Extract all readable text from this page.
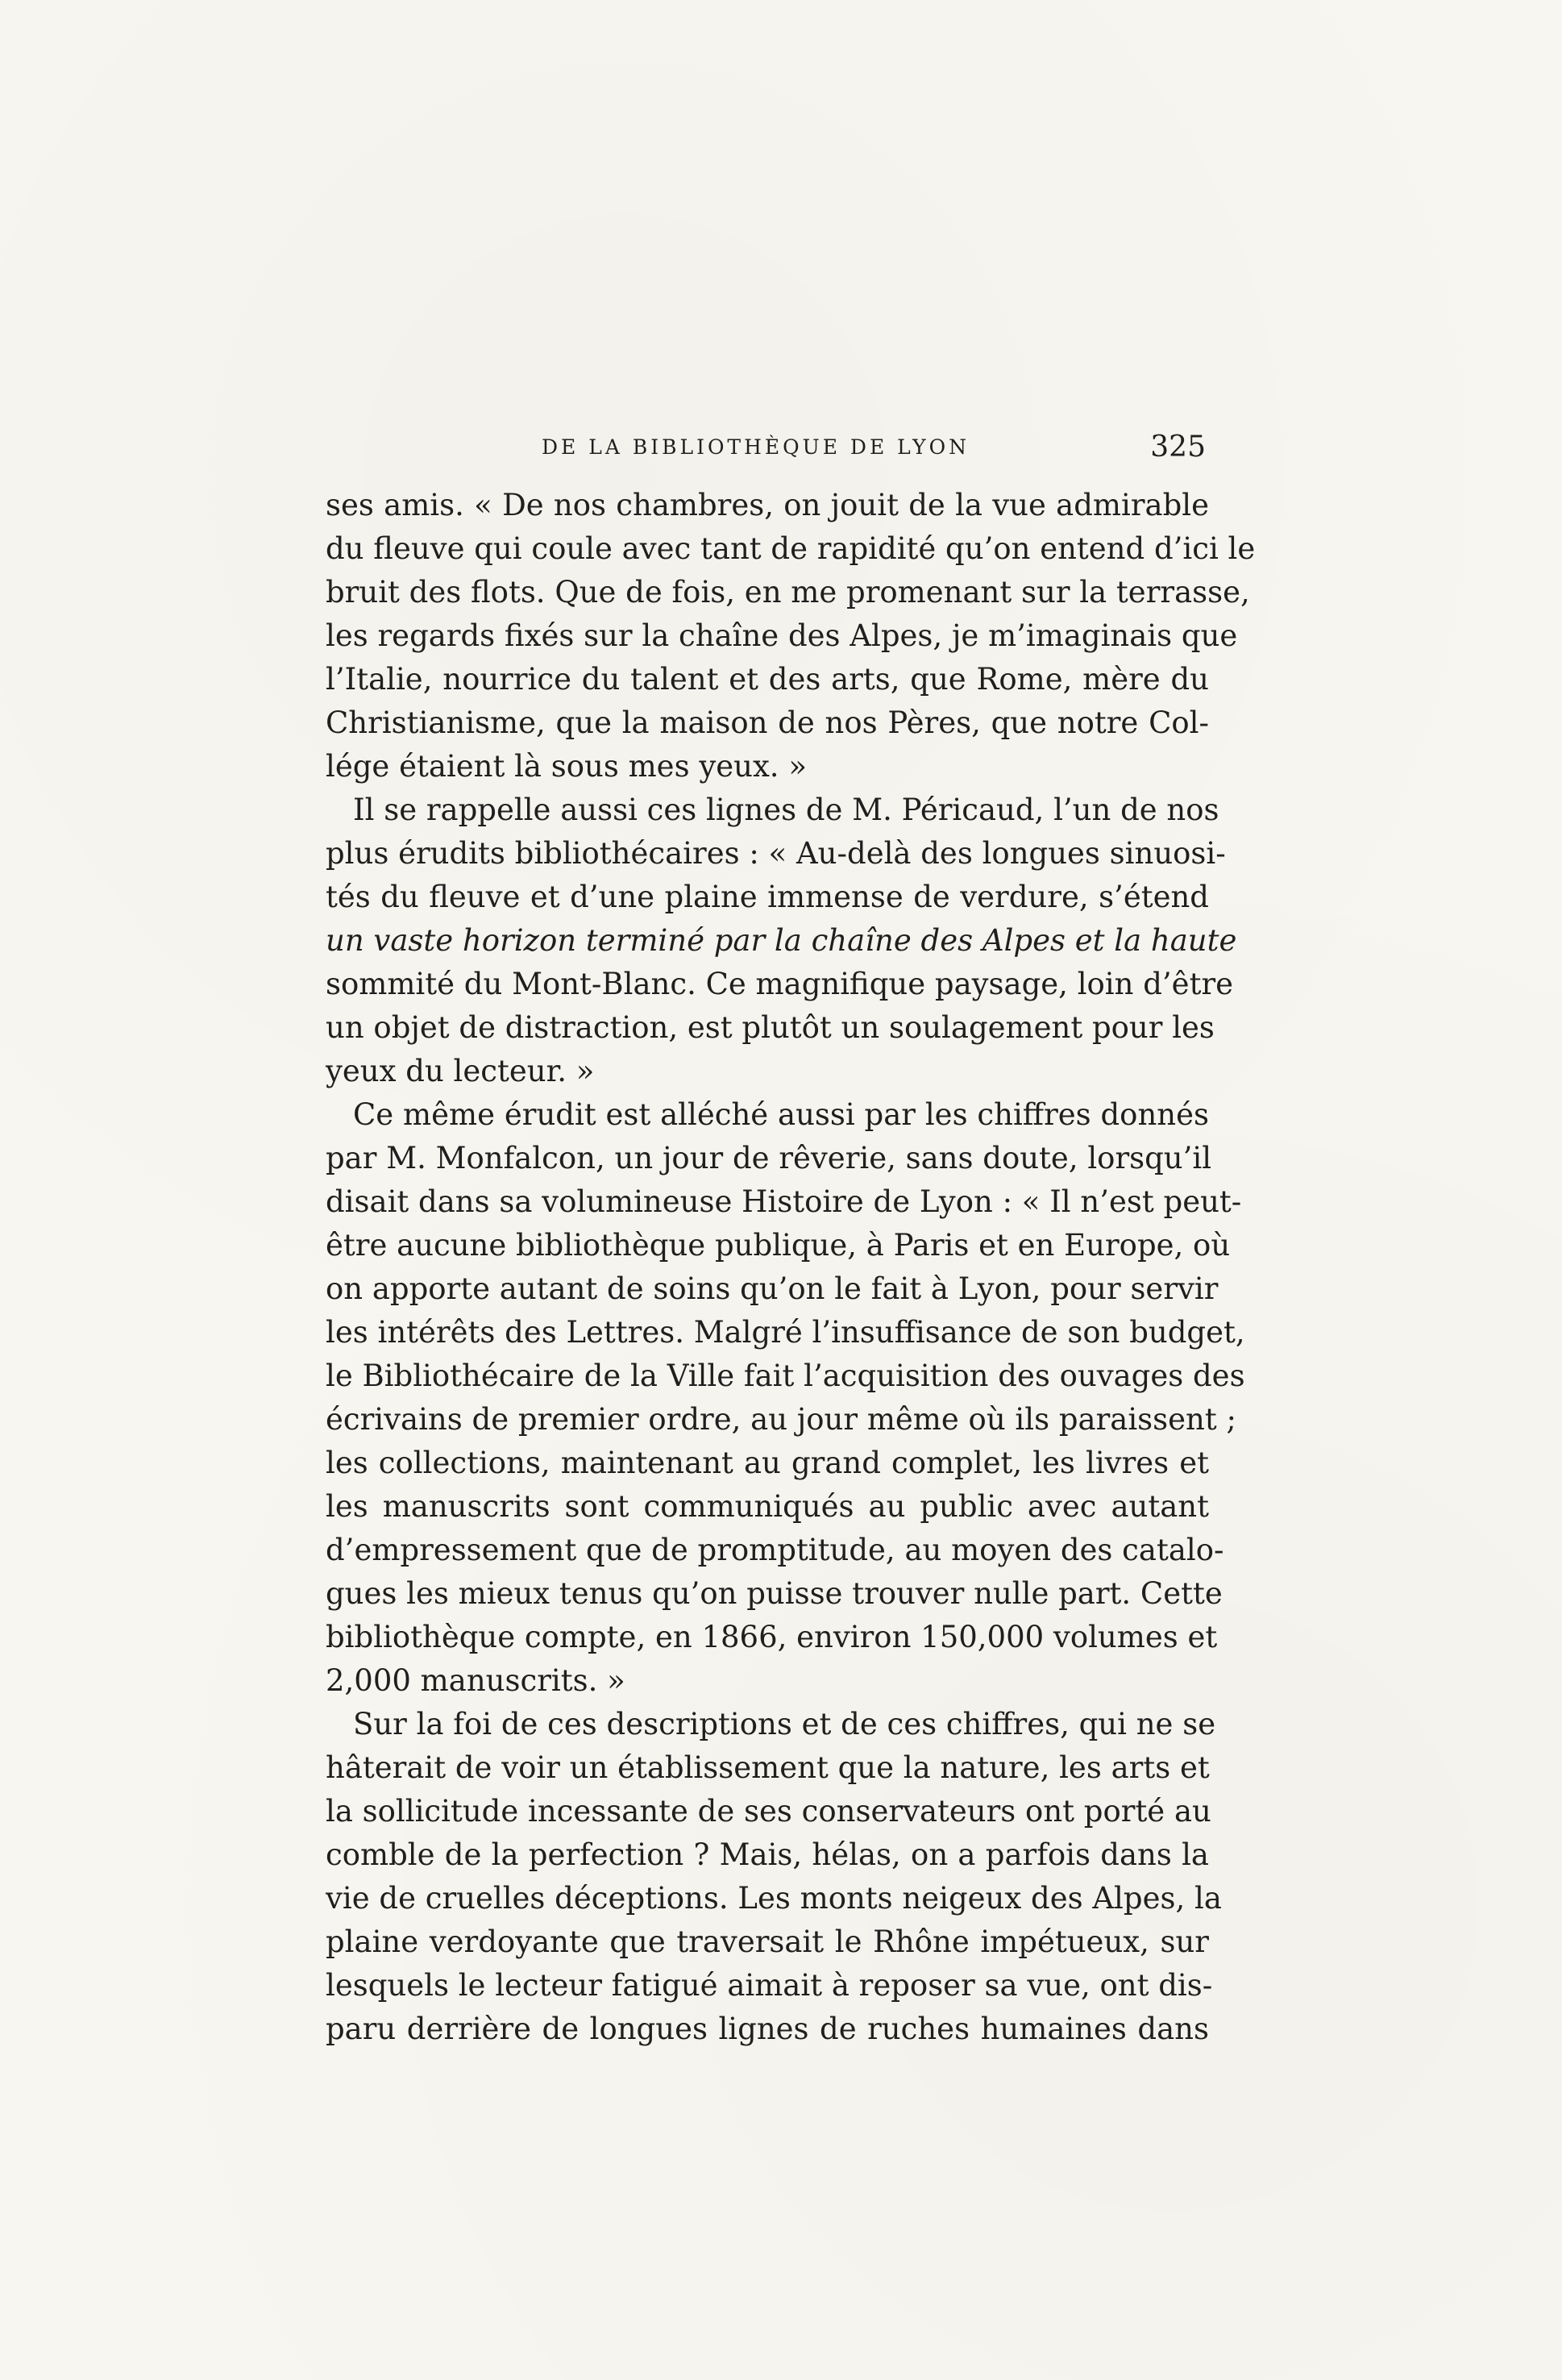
DE LA BIBLIOTHÈQUE DE LYON	325
ses amis. « De nos chambres, on jouit de la vue admirable
du fleuve qui coule avec tant de rapidité qu’on entend d’ici le
bruit des flots. Que de fois, en me promenant sur la terrasse,
les regards fixés sur la chaîne des Alpes, je m’imaginais que
l’Italie, nourrice du talent et des arts, que Rome, mère du
Christianisme, que la maison de nos Pères, que notre Col-
lége étaient là sous mes yeux. »
Il se rappelle aussi ces lignes de M. Péricaud, l’un de nos
plus érudits bibliothécaires : « Au-delà des longues sinuosi-
tés du fleuve et d’une plaine immense de verdure, s’étend
un vaste horizon terminé par la chaîne des Alpes et la haute
sommité du Mont-Blanc. Ce magnifique paysage, loin d’être
un objet de distraction, est plutôt un soulagement pour les
yeux du lecteur. »
Ce même érudit est alléché aussi par les chiffres donnés
par M. Monfalcon, un jour de rêverie, sans doute, lorsqu’il
disait dans sa volumineuse Histoire de Lyon : « Il n’est peut-
être aucune bibliothèque publique, à Paris et en Europe, où
on apporte autant de soins qu’on le fait à Lyon, pour servir
les intérêts des Lettres. Malgré l’insuffisance de son budget,
le Bibliothécaire de la Ville fait l’acquisition des ouvages des
écrivains de premier ordre, au jour même où ils paraissent ;
les collections, maintenant au grand complet, les livres et
les manuscrits sont communiqués au public avec autant
d’empressement que de promptitude, au moyen des catalo-
gues les mieux tenus qu’on puisse trouver nulle part. Cette
bibliothèque compte, en 1866, environ 150,000 volumes et
2,000 manuscrits. »
Sur la foi de ces descriptions et de ces chiffres, qui ne se
hâterait de voir un établissement que la nature, les arts et
la sollicitude incessante de ses conservateurs ont porté au
comble de la perfection ? Mais, hélas, on a parfois dans la
vie de cruelles déceptions. Les monts neigeux des Alpes, la
plaine verdoyante que traversait le Rhône impétueux, sur
lesquels le lecteur fatigué aimait à reposer sa vue, ont dis-
paru derrière de longues lignes de ruches humaines dans
